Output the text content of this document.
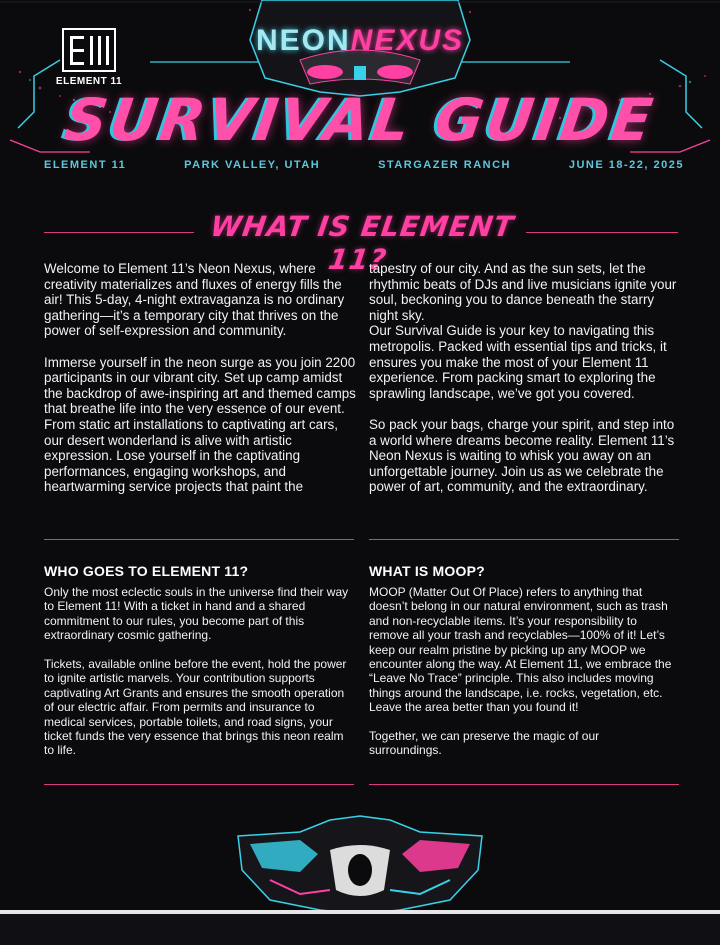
ELEMENT 11
NEONNEXUS
SURVIVAL GUIDE
ELEMENT 11	PARK VALLEY, UTAH	STARGAZER RANCH	JUNE 18-22, 2025
WHAT IS ELEMENT 11?

Welcome to Element 11’s Neon Nexus, where creativity materializes and fluxes of energy fills the air! This 5-day, 4-night extravaganza is no ordinary gathering—it’s a temporary city that thrives on the power of self-expression and community.

Immerse yourself in the neon surge as you join 2200 participants in our vibrant city. Set up camp amidst the backdrop of awe-inspiring art and themed camps that breathe life into the very essence of our event.

From static art installations to captivating art cars, our desert wonderland is alive with artistic expression. Lose yourself in the captivating performances, engaging workshops, and heartwarming service projects that paint the

tapestry of our city. And as the sun sets, let the rhythmic beats of DJs and live musicians ignite your soul, beckoning you to dance beneath the starry night sky.

Our Survival Guide is your key to navigating this metropolis. Packed with essential tips and tricks, it ensures you make the most of your Element 11 experience. From packing smart to exploring the sprawling landscape, we’ve got you covered.

So pack your bags, charge your spirit, and step into a world where dreams become reality. Element 11’s Neon Nexus is waiting to whisk you away on an unforgettable journey. Join us as we celebrate the power of art, community, and the extraordinary.

WHO GOES TO ELEMENT 11?

Only the most eclectic souls in the universe find their way to Element 11! With a ticket in hand and a shared commitment to our rules, you become part of this extraordinary cosmic gathering.

Tickets, available online before the event, hold the power to ignite artistic marvels. Your contribution supports captivating Art Grants and ensures the smooth operation of our electric affair. From permits and insurance to medical services, portable toilets, and road signs, your ticket funds the very essence that brings this neon realm to life.

WHAT IS MOOP?

MOOP (Matter Out Of Place) refers to anything that doesn’t belong in our natural environment, such as trash and non-recyclable items. It’s your responsibility to remove all your trash and recyclables—100% of it! Let’s keep our realm pristine by picking up any MOOP we encounter along the way. At Element 11, we embrace the “Leave No Trace” principle. This also includes moving things around the landscape, i.e. rocks, vegetation, etc. Leave the area better than you found it!

Together, we can preserve the magic of our surroundings.
